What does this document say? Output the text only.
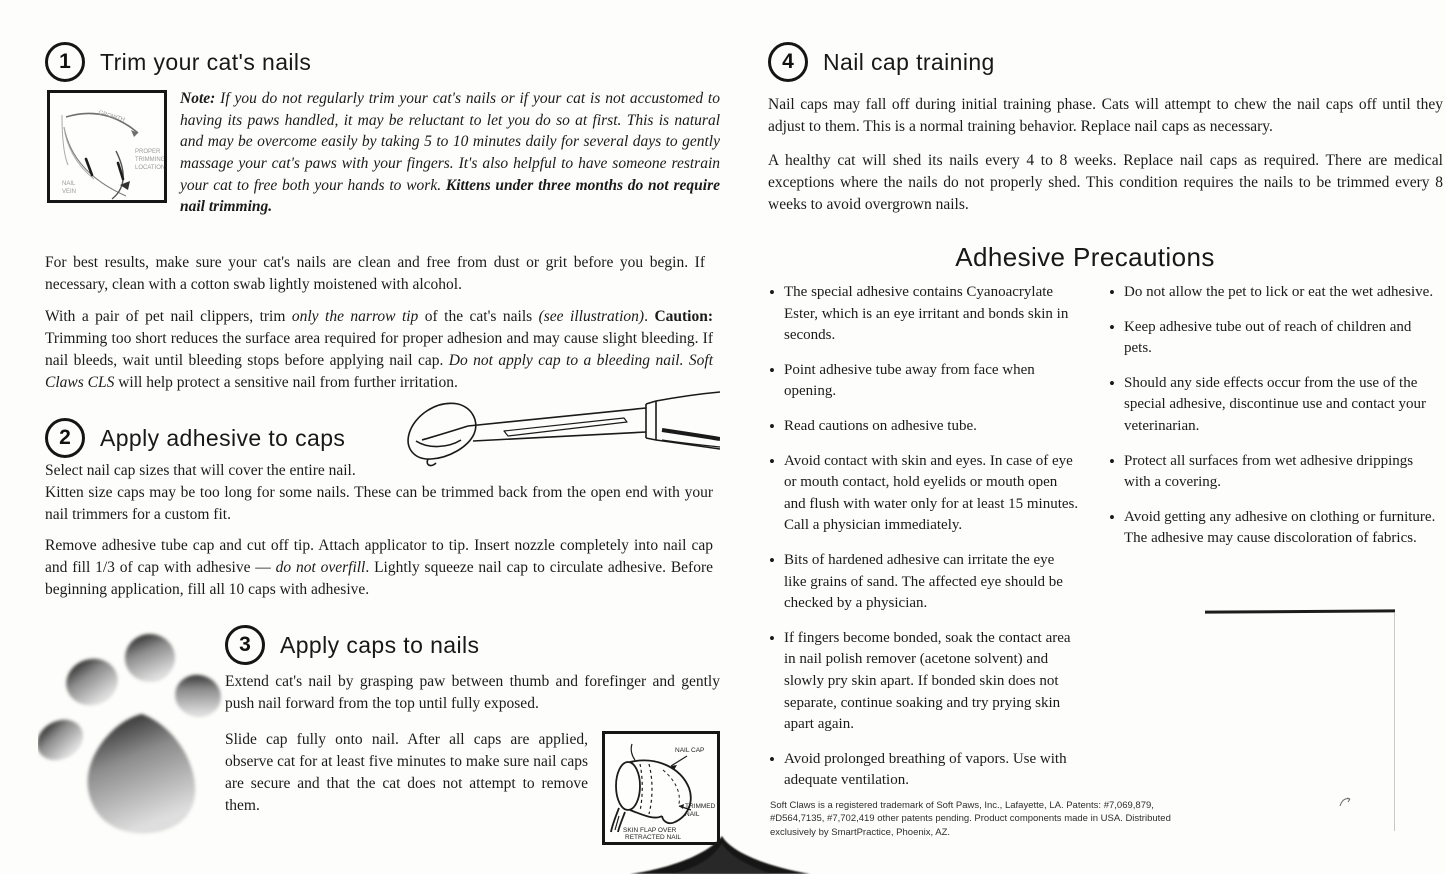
1	Trim your cat's nails
GROWTH
PROPER
TRIMMING
LOCATION
NAIL
VEIN
Note: If you do not regularly trim your cat's nails or if your cat is not accustomed to having its paws handled, it may be reluctant to let you do so at first. This is natural and may be overcome easily by taking 5 to 10 minutes daily for several days to gently massage your cat's paws with your fingers. It's also helpful to have someone restrain your cat to free both your hands to work. Kittens under three months do not require nail trimming.
For best results, make sure your cat's nails are clean and free from dust or grit before you begin. If necessary, clean with a cotton swab lightly moistened with alcohol.
With a pair of pet nail clippers, trim only the narrow tip of the cat's nails (see illustration). Caution: Trimming too short reduces the surface area required for proper adhesion and may cause slight bleeding. If nail bleeds, wait until bleeding stops before applying nail cap. Do not apply cap to a bleeding nail. Soft Claws CLS will help protect a sensitive nail from further irritation.
2	Apply adhesive to caps

Select nail cap sizes that will cover the entire nail.

Kitten size caps may be too long for some nails. These can be trimmed back from the open end with your nail trimmers for a custom fit.

Remove adhesive tube cap and cut off tip. Attach applicator to tip. Insert nozzle completely into nail cap and fill 1/3 of cap with adhesive — do not overfill. Lightly squeeze nail cap to circulate adhesive. Before beginning application, fill all 10 caps with adhesive.
3	Apply caps to nails
Extend cat's nail by grasping paw between thumb and forefinger and gently push nail forward from the top until fully exposed.
NAIL CAP
TRIMMED
NAIL
SKIN FLAP OVER
RETRACTED NAIL
Slide cap fully onto nail. After all caps are applied, observe cat for at least five minutes to make sure nail caps are secure and that the cat does not attempt to remove them.
4	Nail cap training
Nail caps may fall off during initial training phase. Cats will attempt to chew the nail caps off until they adjust to them. This is a normal training behavior. Replace nail caps as necessary.
A healthy cat will shed its nails every 4 to 8 weeks. Replace nail caps as required. There are medical exceptions where the nails do not properly shed. This condition requires the nails to be trimmed every 8 weeks to avoid overgrown nails.
Adhesive Precautions
• The special adhesive contains Cyanoacrylate Ester, which is an eye irritant and bonds skin in seconds.
• Point adhesive tube away from face when opening.
• Read cautions on adhesive tube.
• Avoid contact with skin and eyes. In case of eye or mouth contact, hold eyelids or mouth open and flush with water only for at least 15 minutes. Call a physician immediately.
• Bits of hardened adhesive can irritate the eye like grains of sand. The affected eye should be checked by a physician.
• If fingers become bonded, soak the contact area in nail polish remover (acetone solvent) and slowly pry skin apart. If bonded skin does not separate, continue soaking and try prying skin apart again.
• Avoid prolonged breathing of vapors. Use with adequate ventilation.
• Do not allow the pet to lick or eat the wet adhesive.
• Keep adhesive tube out of reach of children and pets.
• Should any side effects occur from the use of the special adhesive, discontinue use and contact your veterinarian.
• Protect all surfaces from wet adhesive drippings with a covering.
• Avoid getting any adhesive on clothing or furniture. The adhesive may cause discoloration of fabrics.
Soft Claws is a registered trademark of Soft Paws, Inc., Lafayette, LA. Patents: #7,069,879, #D564,7135, #7,702,419 other patents pending. Product components made in USA. Distributed exclusively by SmartPractice, Phoenix, AZ.
